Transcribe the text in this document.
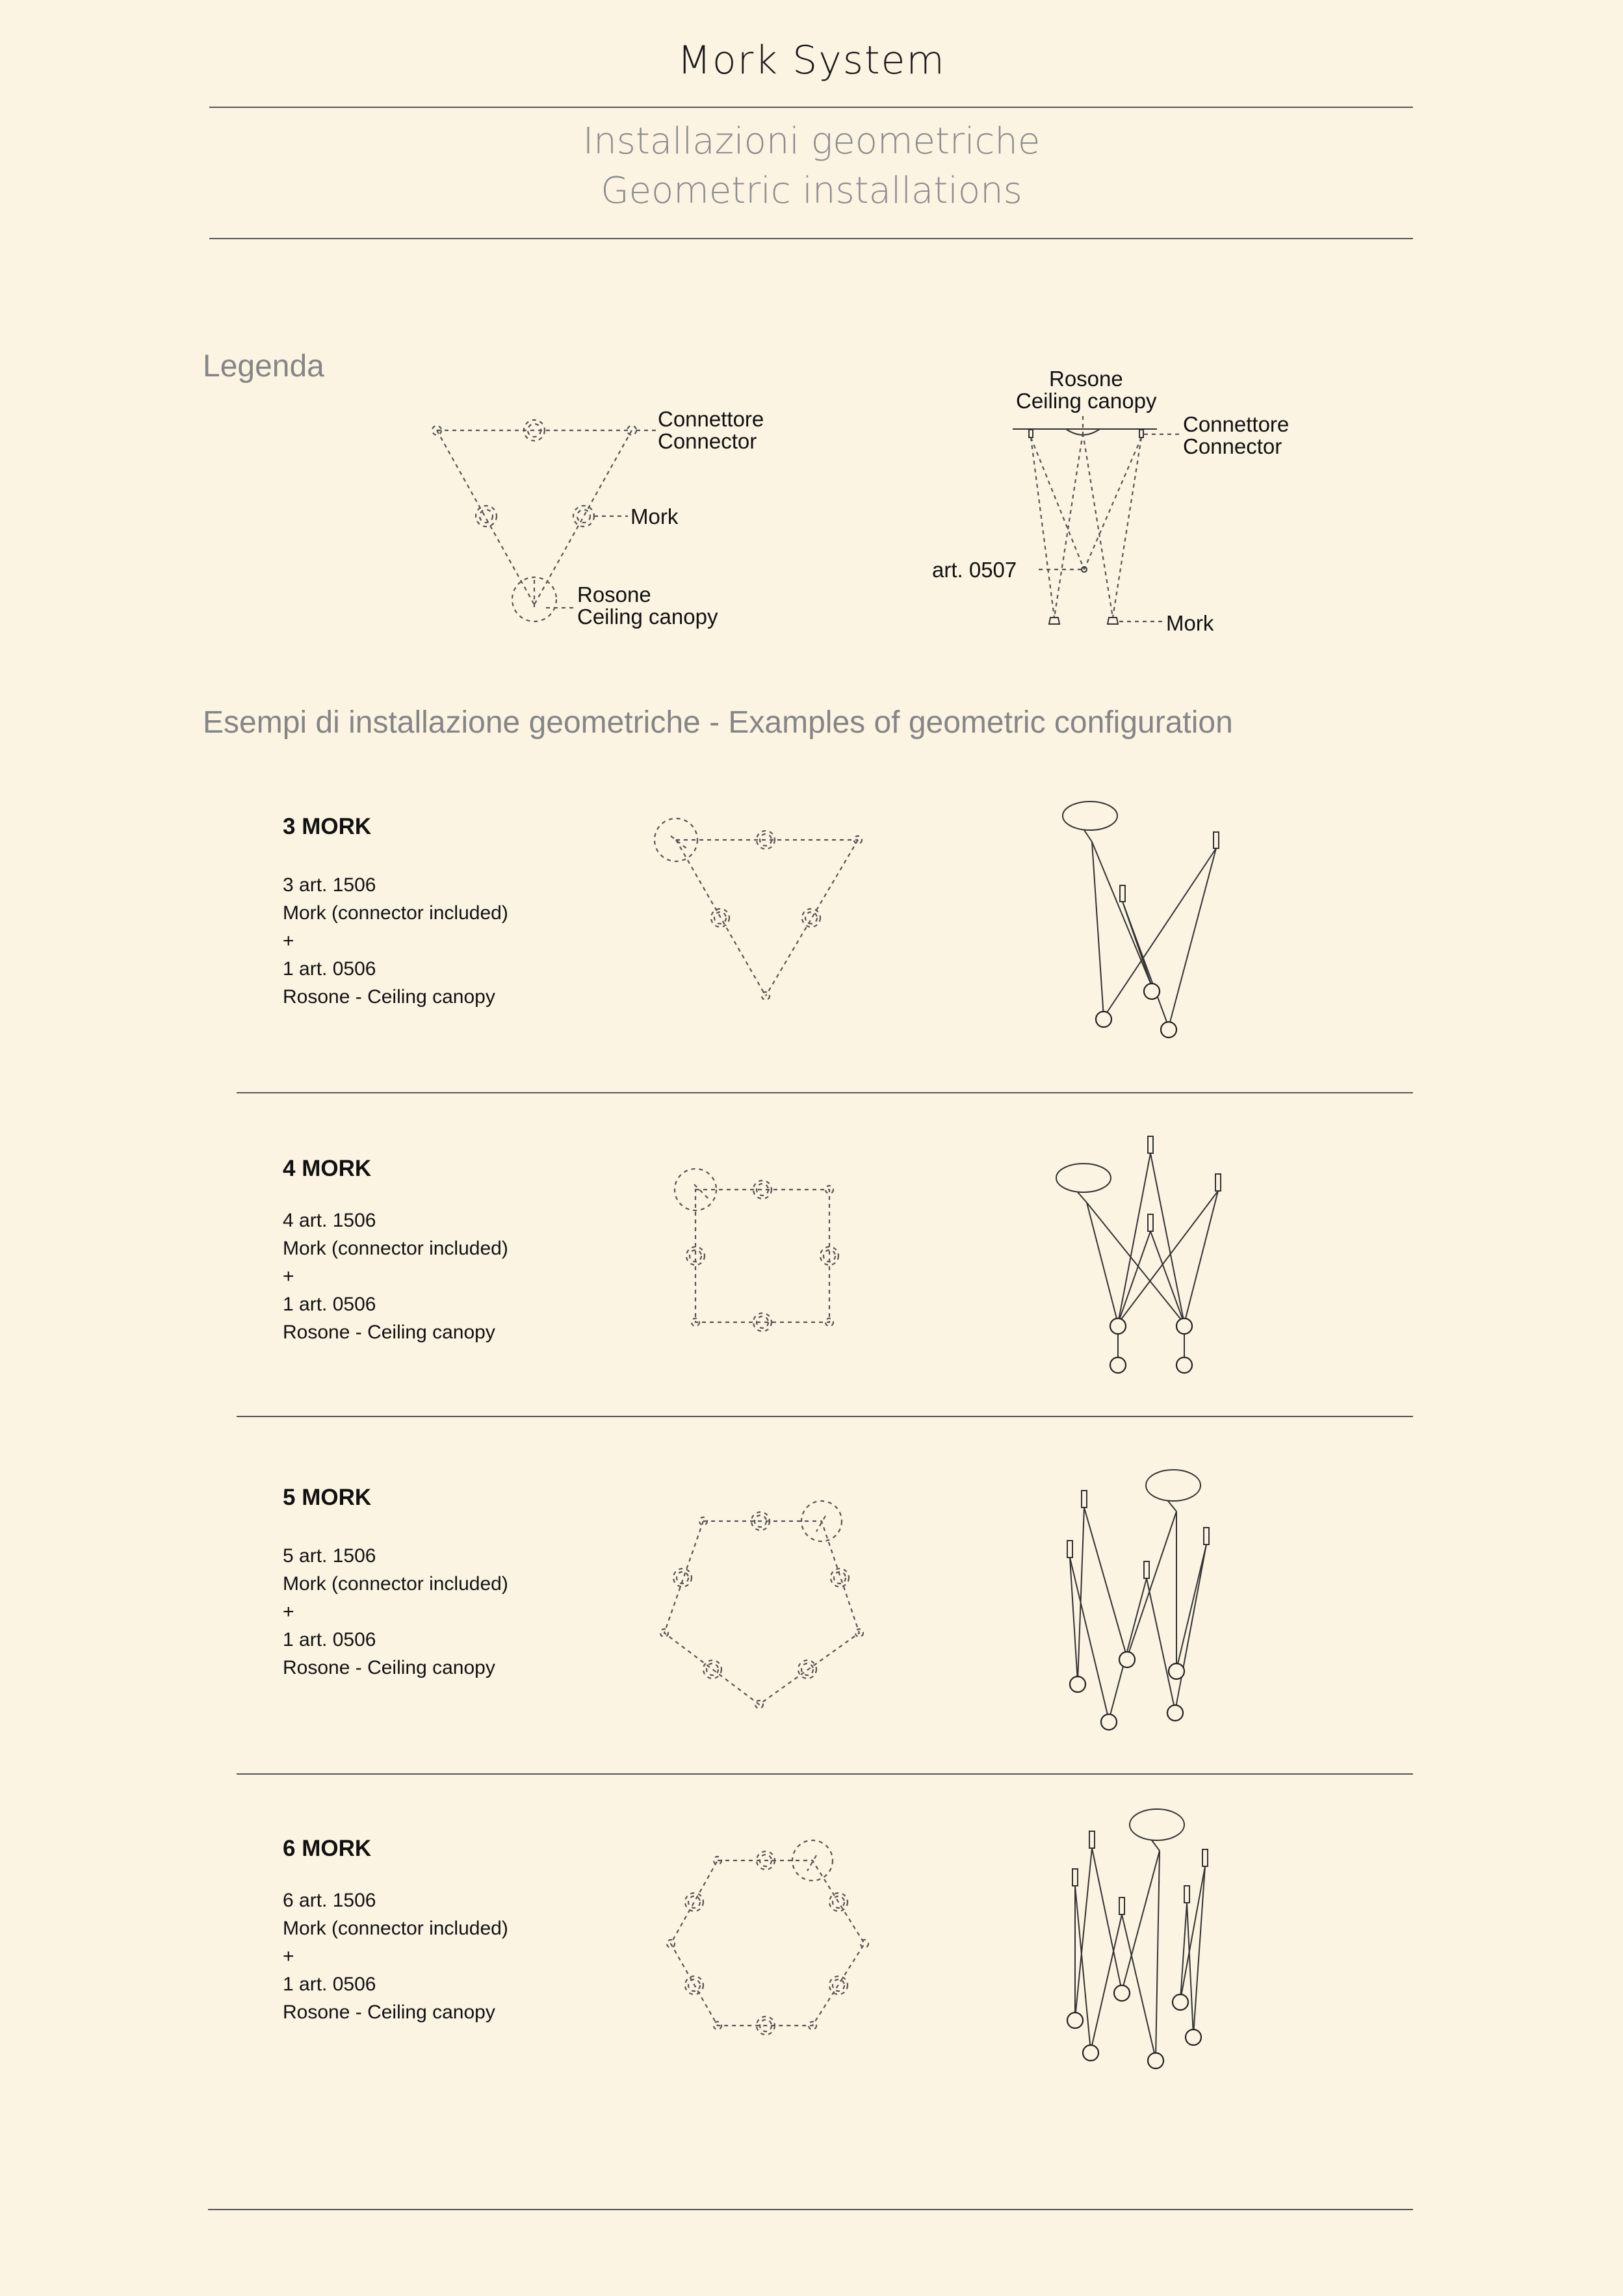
Mork System
Installazioni geometriche
Geometric installations
Legenda
Connettore
Connector
Mork
Rosone
Ceiling canopy
Rosone
Ceiling canopy
Connettore
Connector
art. 0507
Mork
Esempi di installazione geometriche - Examples of geometric configuration
3 MORK
3 art. 1506
Mork (connector included)
+
1 art. 0506
Rosone - Ceiling canopy
4 MORK
4 art. 1506
Mork (connector included)
+
1 art. 0506
Rosone - Ceiling canopy
5 MORK
5 art. 1506
Mork (connector included)
+
1 art. 0506
Rosone - Ceiling canopy
6 MORK
6 art. 1506
Mork (connector included)
+
1 art. 0506
Rosone - Ceiling canopy
